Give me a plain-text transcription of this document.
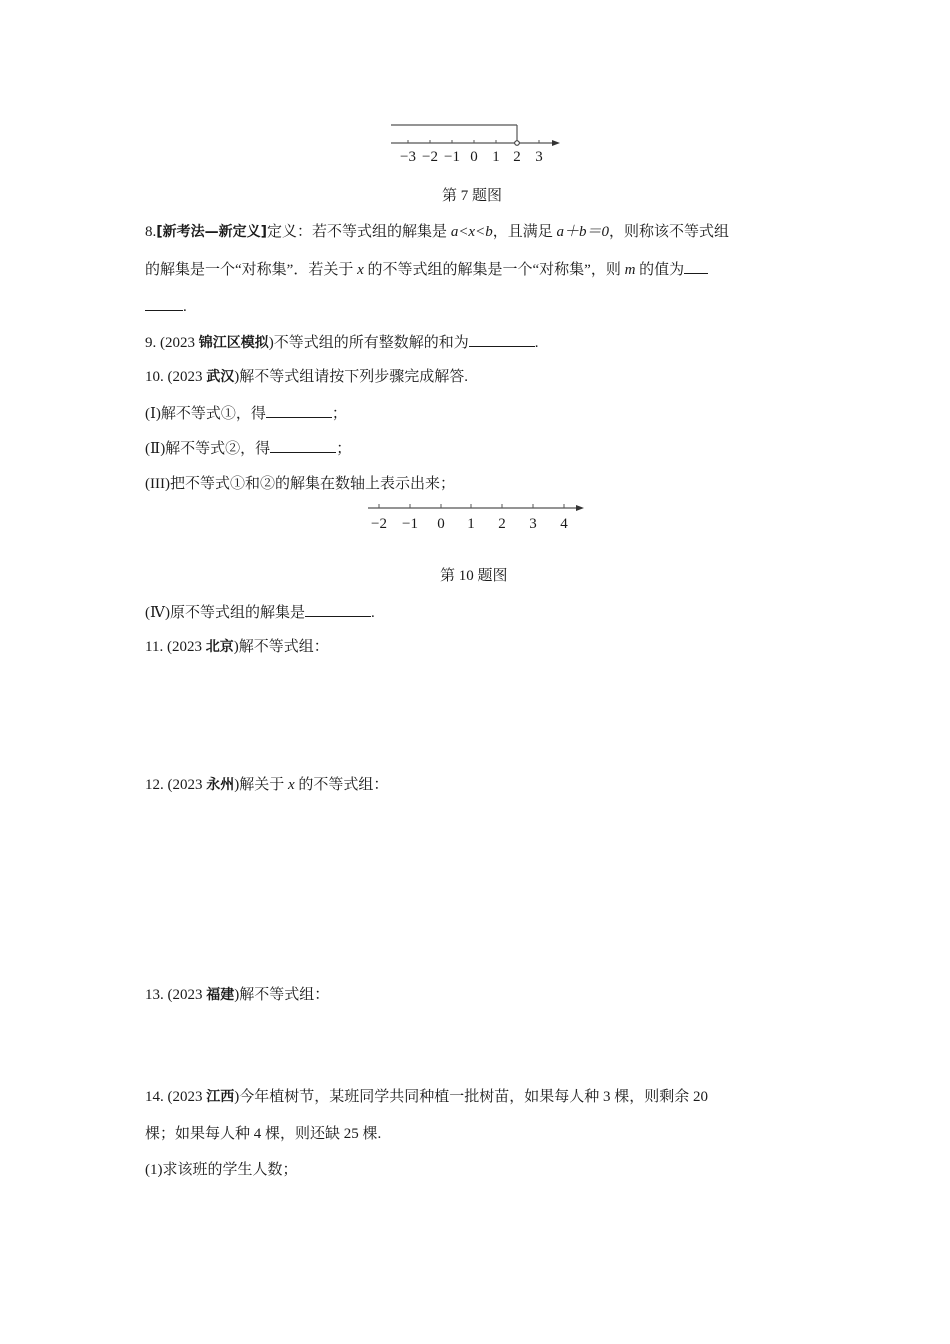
−3 −2 −1 0 1 2 3
第 7 题图
8.[新考法—新定义]定义：若不等式组的解集是 a<x<b，且满足 a＋b＝0，则称该不等式组
的解集是一个“对称集”．若关于 x 的不等式组的解集是一个“对称集”，则 m 的值为
.
9. (2023 锦江区模拟)不等式组的所有整数解的和为	.
10. (2023 武汉)解不等式组请按下列步骤完成解答.
(Ⅰ)解不等式①，得	；
(Ⅱ)解不等式②，得	；
(III)把不等式①和②的解集在数轴上表示出来；
−2 −1 0 1 2 3 4
第 10 题图
(Ⅳ)原不等式组的解集是	.
11. (2023 北京)解不等式组：
12. (2023 永州)解关于 x 的不等式组：
13. (2023 福建)解不等式组：
14. (2023 江西)今年植树节，某班同学共同种植一批树苗，如果每人种 3 棵，则剩余 20
棵；如果每人种 4 棵，则还缺 25 棵.
(1)求该班的学生人数；
